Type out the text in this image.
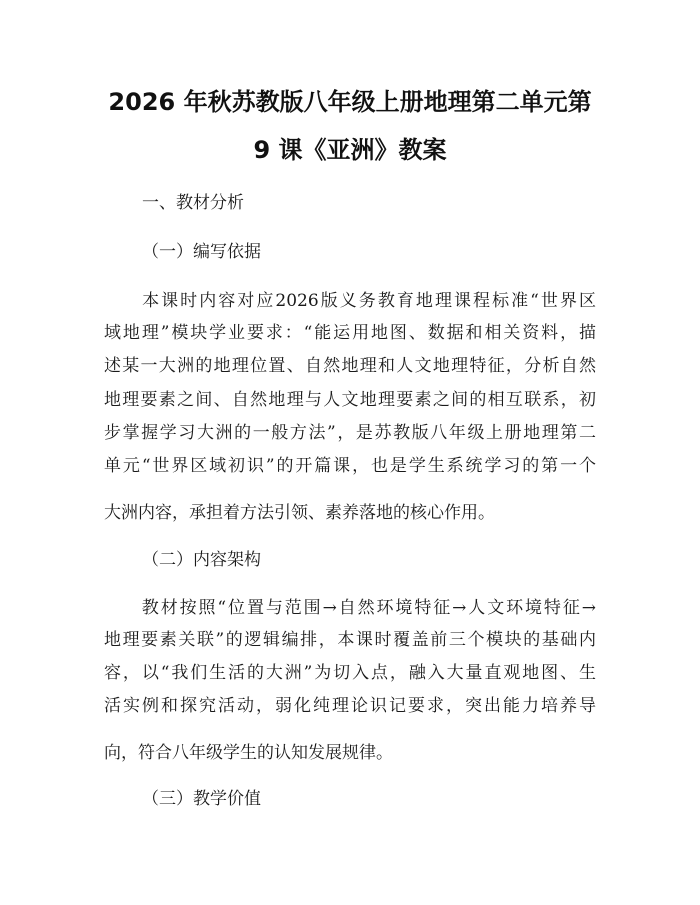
2026 年秋苏教版八年级上册地理第二单元第
9 课《亚洲》教案
一、教材分析
（一）编写依据
　　本课时内容对应2026版义务教育地理课程标准“世界区
域地理”模块学业要求：“能运用地图、数据和相关资料，描
述某一大洲的地理位置、自然地理和人文地理特征，分析自然
地理要素之间、自然地理与人文地理要素之间的相互联系，初
步掌握学习大洲的一般方法”，是苏教版八年级上册地理第二
单元“世界区域初识”的开篇课，也是学生系统学习的第一个
大洲内容，承担着方法引领、素养落地的核心作用。
（二）内容架构
　　教材按照“位置与范围→自然环境特征→人文环境特征→
地理要素关联”的逻辑编排，本课时覆盖前三个模块的基础内
容，以“我们生活的大洲”为切入点，融入大量直观地图、生
活实例和探究活动，弱化纯理论识记要求，突出能力培养导
向，符合八年级学生的认知发展规律。
（三）教学价值
